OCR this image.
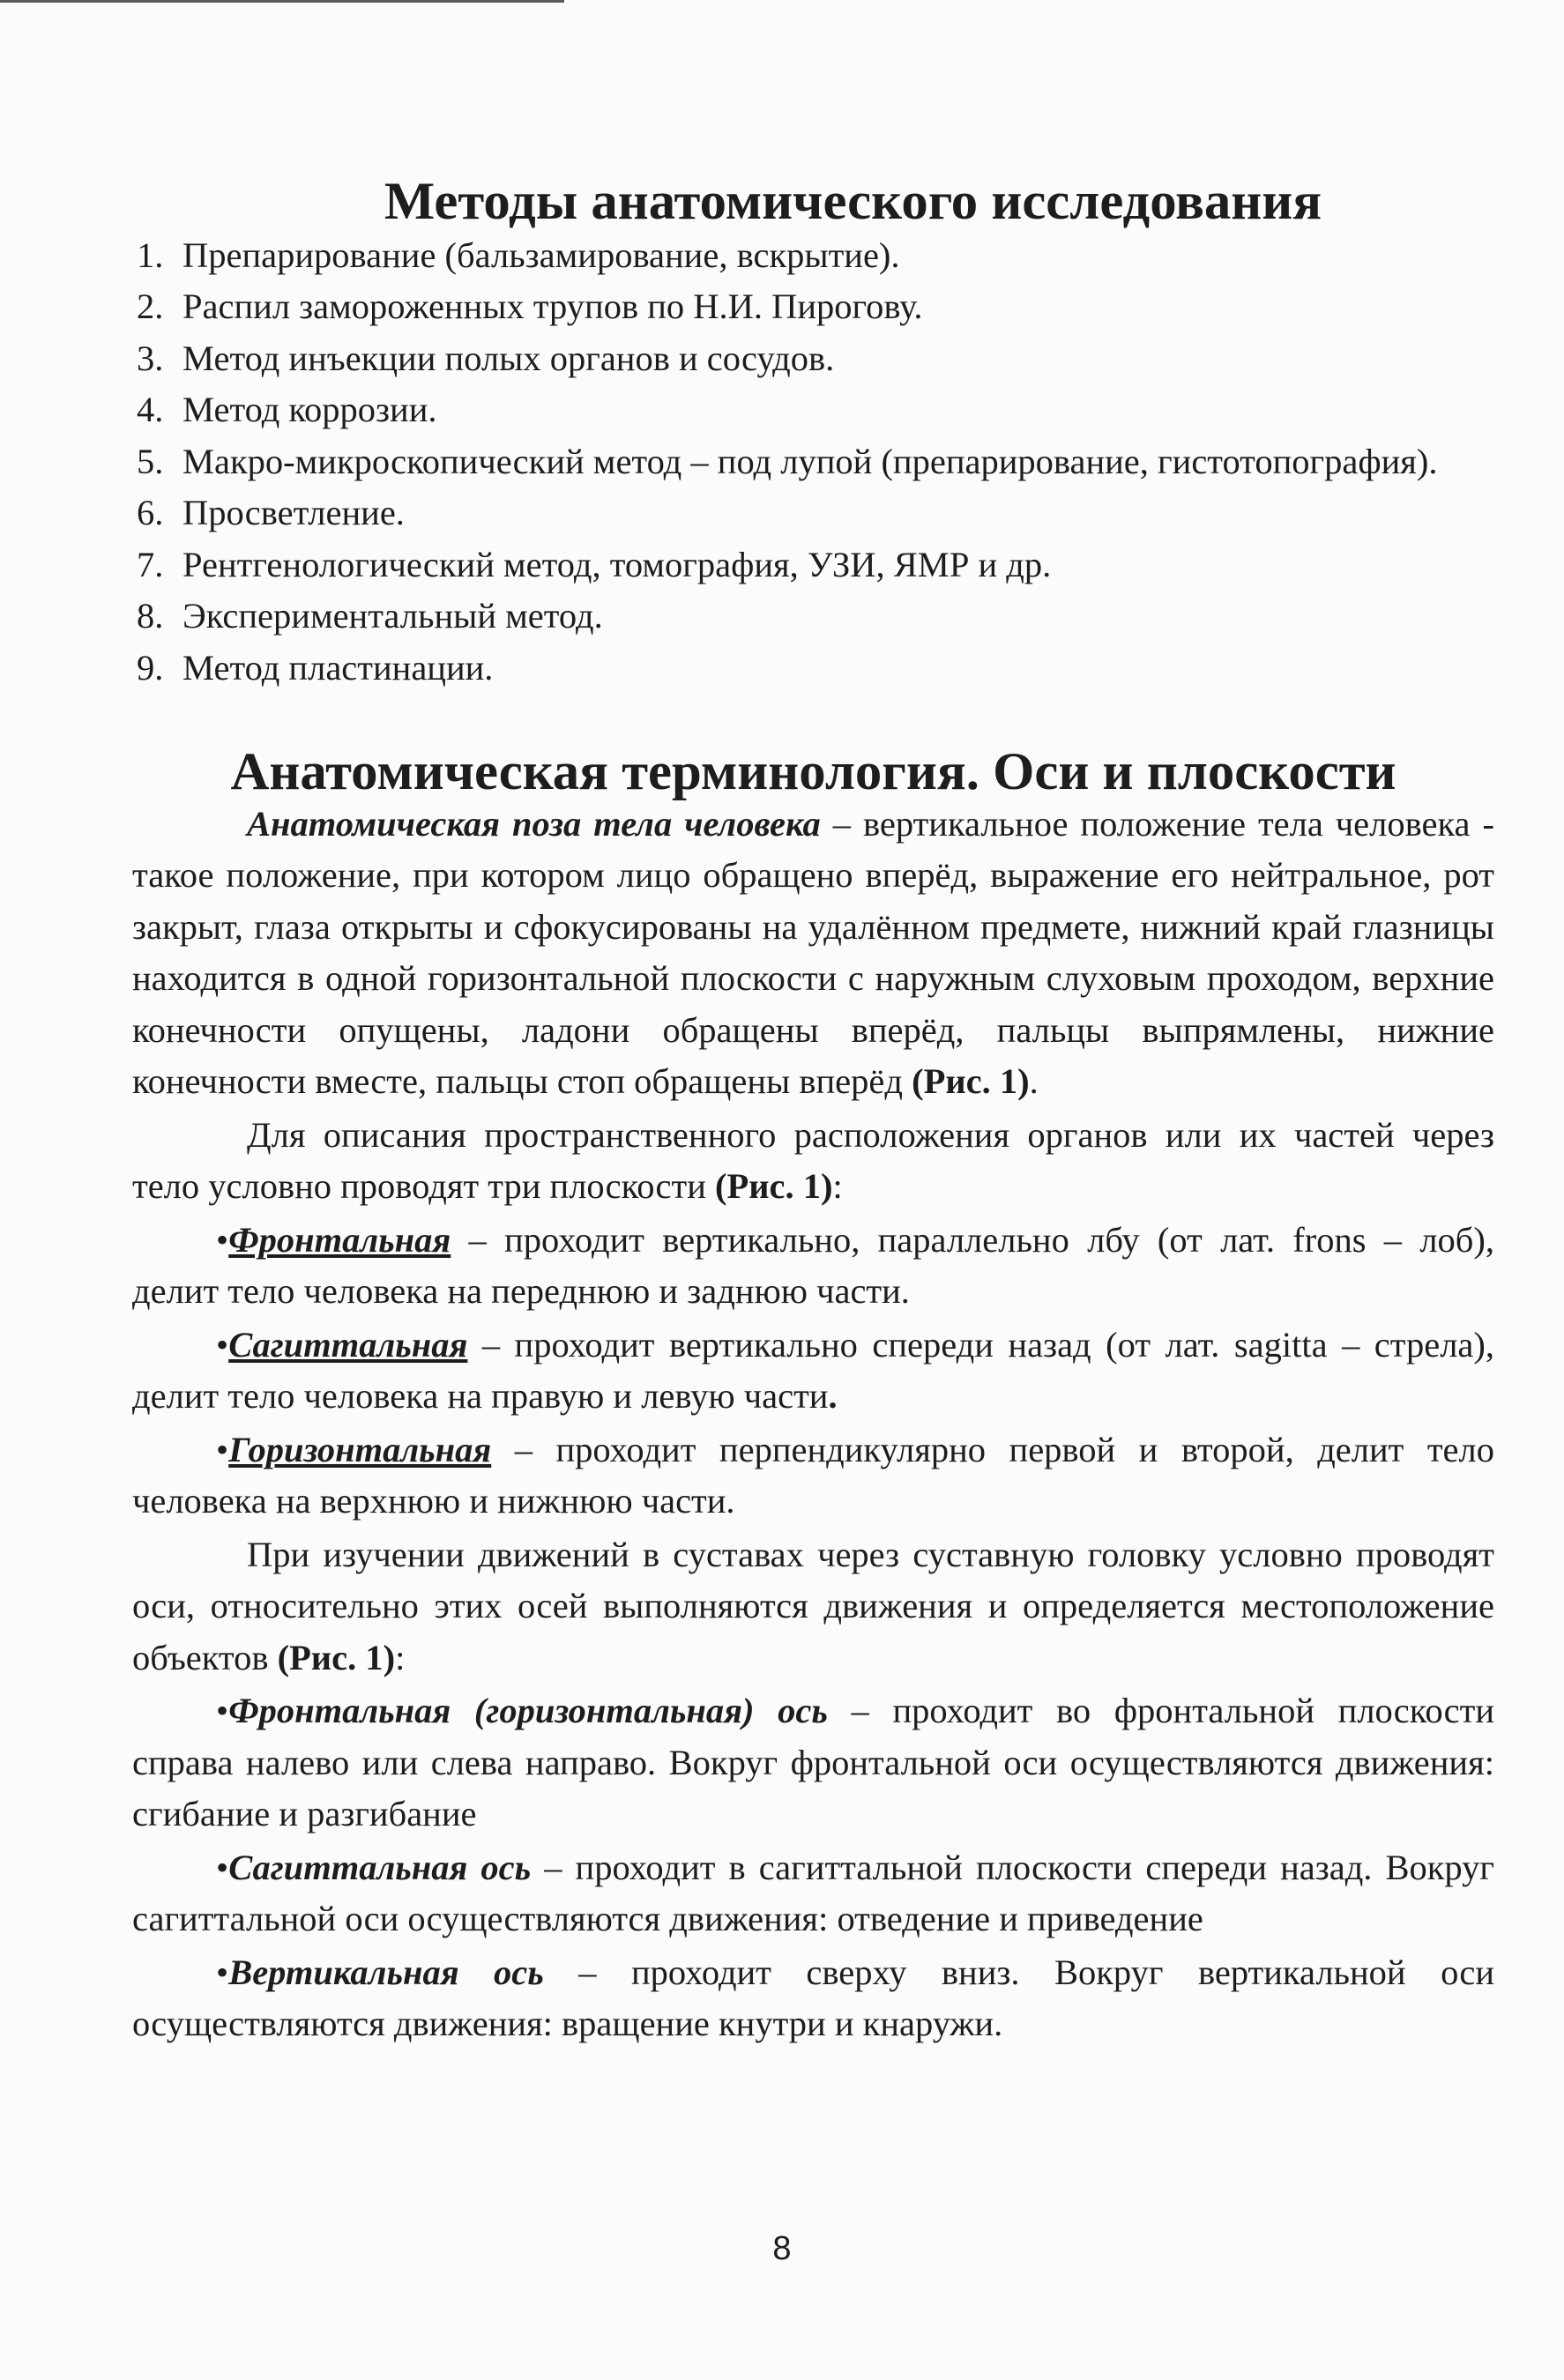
Методы анатомического исследования
1. Препарирование (бальзамирование, вскрытие).
2. Распил замороженных трупов по Н.И. Пирогову.
3. Метод инъекции полых органов и сосудов.
4. Метод коррозии.
5. Макро-микроскопический метод – под лупой (препарирование, гистотопография).
6. Просветление.
7. Рентгенологический метод, томография, УЗИ, ЯМР и др.
8. Экспериментальный метод.
9. Метод пластинации.
Анатомическая терминология. Оси и плоскости

Анатомическая поза тела человека – вертикальное положение тела человека - такое положение, при котором лицо обращено вперёд, выражение его нейтральное, рот закрыт, глаза открыты и сфокусированы на удалённом предмете, нижний край глазницы находится в одной горизонтальной плоскости с наружным слуховым проходом, верхние конечности опущены, ладони обращены вперёд, пальцы выпрямлены, нижние конечности вместе, пальцы стоп обращены вперёд (Рис. 1).

Для описания пространственного расположения органов или их частей через тело условно проводят три плоскости (Рис. 1):

•Фронтальная – проходит вертикально, параллельно лбу (от лат. frons – лоб), делит тело человека на переднюю и заднюю части.

•Сагиттальная – проходит вертикально спереди назад (от лат. sagitta – стрела), делит тело человека на правую и левую части.

•Горизонтальная – проходит перпендикулярно первой и второй, делит тело человека на верхнюю и нижнюю части.

При изучении движений в суставах через суставную головку условно проводят оси, относительно этих осей выполняются движения и определяется местоположение объектов (Рис. 1):

•Фронтальная (горизонтальная) ось – проходит во фронтальной плоскости справа налево или слева направо. Вокруг фронтальной оси осуществляются движения: сгибание и разгибание

•Сагиттальная ось – проходит в сагиттальной плоскости спереди назад. Вокруг сагиттальной оси осуществляются движения: отведение и приведение

•Вертикальная ось – проходит сверху вниз. Вокруг вертикальной оси осуществляются движения: вращение кнутри и кнаружи.

8
